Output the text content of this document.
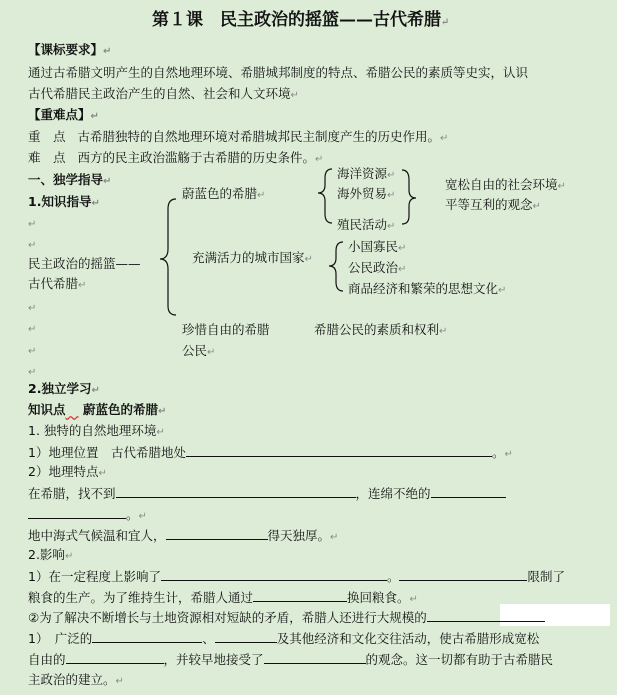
第１课　民主政治的摇篮——古代希腊↵
【课标要求】↵
通过古希腊文明产生的自然地理环境、希腊城邦制度的特点、希腊公民的素质等史实，认识
古代希腊民主政治产生的自然、社会和人文环境↵
【重难点】↵
重　点 古希腊独特的自然地理环境对希腊城邦民主制度产生的历史作用。↵
难　点 西方的民主政治滥觞于古希腊的历史条件。↵
一、独学指导↵
1.知识指导↵
↵
↵
↵
↵
↵
↵
民主政治的摇篮——
古代希腊↵
蔚蓝色的希腊↵
海洋资源↵
海外贸易↵
殖民活动↵
宽松自由的社会环境↵
平等互利的观念↵
充满活力的城市国家↵
小国寡民↵
公民政治↵
商品经济和繁荣的思想文化↵
珍惜自由的希腊
公民↵
希腊公民的素质和权利↵
2.独立学习↵
知识点 蔚蓝色的希腊↵
1. 独特的自然地理环境↵
1）地理位置　古代希腊地处	。↵
2）地理特点↵
在希腊，找不到	，连绵不绝的
。↵
地中海式气候温和宜人，	得天独厚。↵
2.影响↵
1）在一定程度上影响了	。	限制了
粮食的生产。为了维持生计，希腊人通过	换回粮食。↵
②为了解决不断增长与土地资源相对短缺的矛盾，希腊人还进行大规模的
1）　广泛的	、	及其他经济和文化交往活动，使古希腊形成宽松
自由的	，并较早地接受了	的观念。这一切都有助于古希腊民
主政治的建立。↵
